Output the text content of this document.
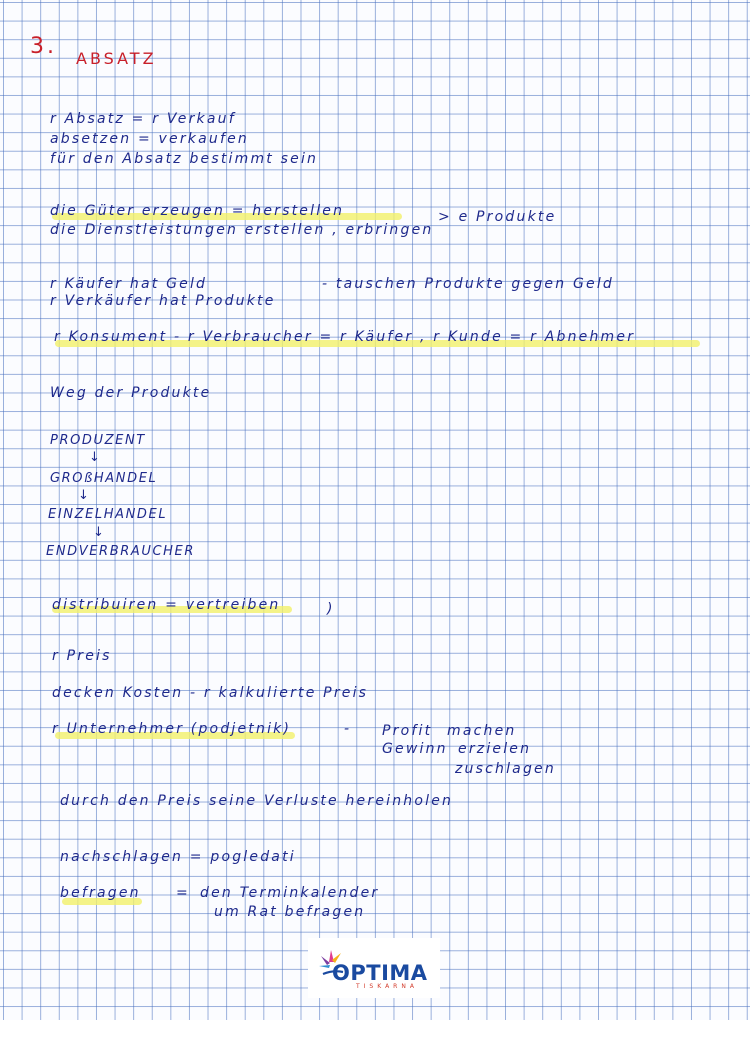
3. ABSATZ
r Absatz = r Verkauf
absetzen = verkaufen
für den Absatz bestimmt sein
die Güter erzeugen = herstellen
die Dienstleistungen erstellen , erbringen
> e Produkte
r Käufer hat Geld
r Verkäufer hat Produkte
- tauschen Produkte gegen Geld
r Konsument - r Verbraucher = r Käufer , r Kunde = r Abnehmer
Weg der Produkte
PRODUZENT
↓
GROßHANDEL
↓
EINZELHANDEL
↓
ENDVERBRAUCHER
distribuiren = vertreiben	)
r Preis
decken Kosten - r kalkulierte Preis
r Unternehmer (podjetnik)	- Profit
Gewinn
machen
erzielen
zuschlagen
durch den Preis seine Verluste hereinholen
nachschlagen = pogledati
befragen	= den Terminkalender
um Rat befragen
OPTIMA
TISKARNA
